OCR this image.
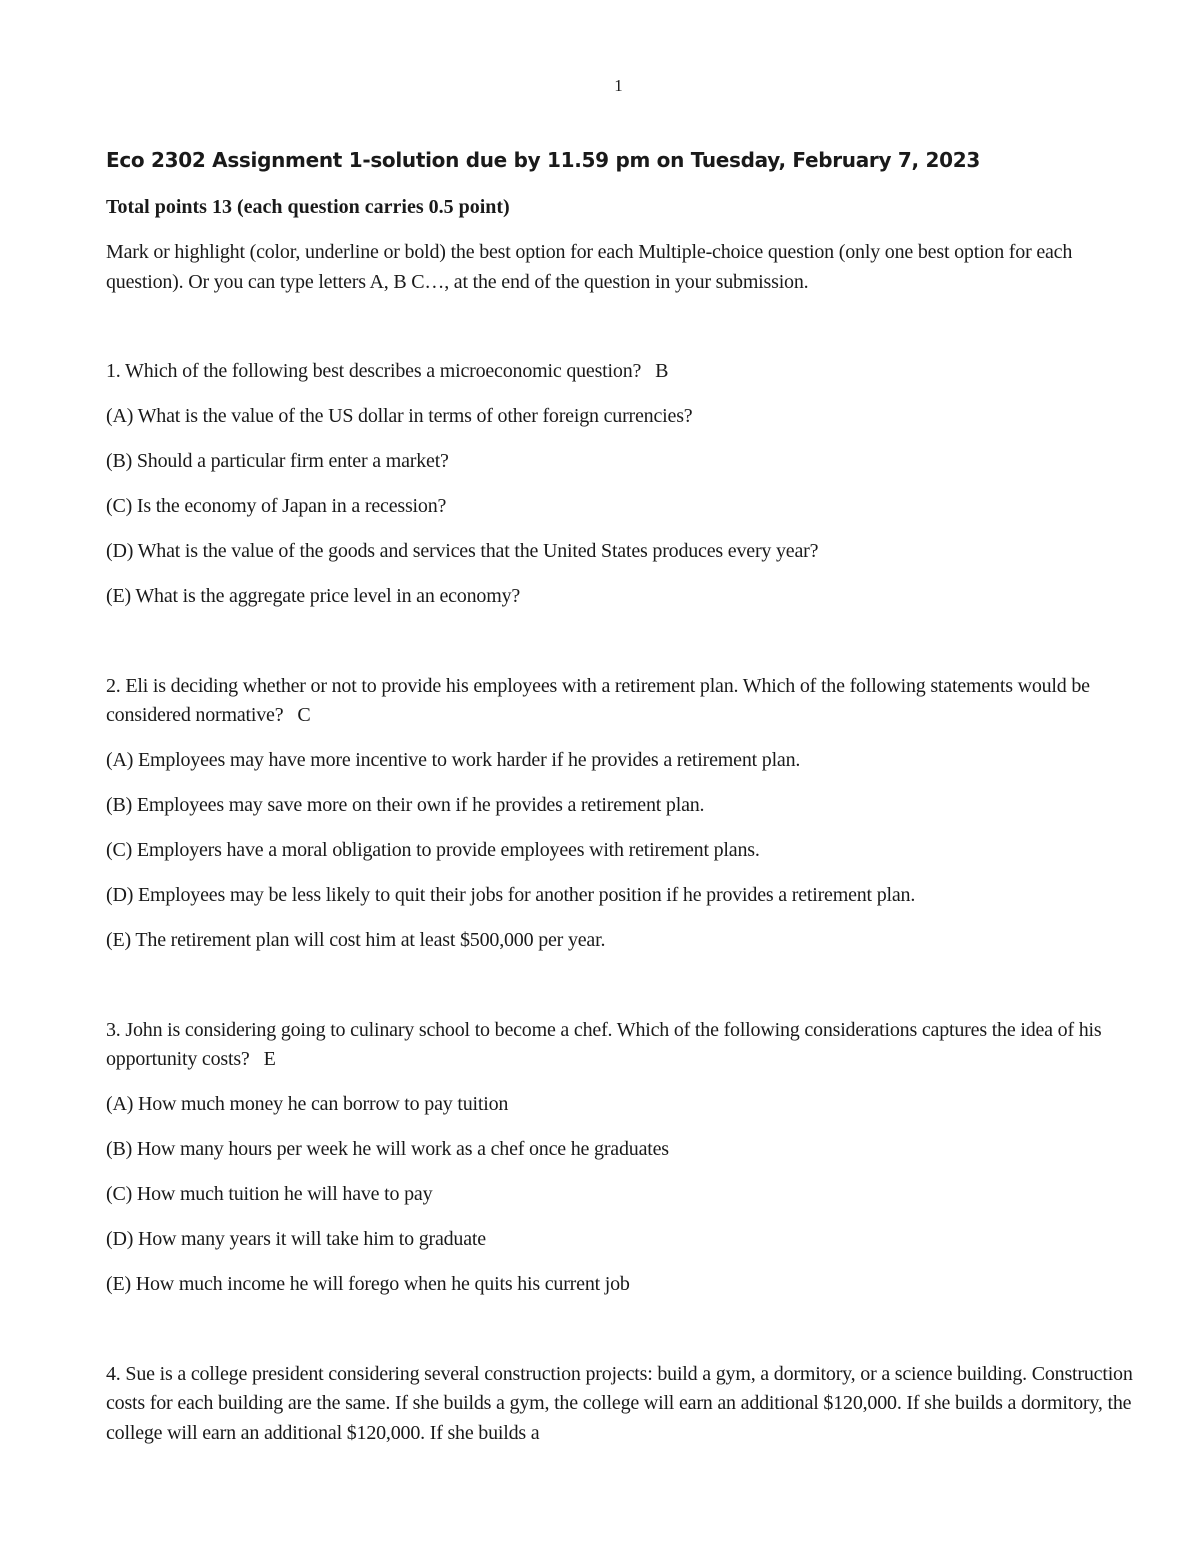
1
Eco 2302 Assignment 1-solution due by 11.59 pm on Tuesday, February 7, 2023
Total points 13 (each question carries 0.5 point)

Mark or highlight (color, underline or bold) the best option for each Multiple-choice question (only one best option for each question). Or you can type letters A, B C…, at the end of the question in your submission.

1. Which of the following best describes a microeconomic question? B

(A) What is the value of the US dollar in terms of other foreign currencies?

(B) Should a particular firm enter a market?

(C) Is the economy of Japan in a recession?

(D) What is the value of the goods and services that the United States produces every year?

(E) What is the aggregate price level in an economy?

2. Eli is deciding whether or not to provide his employees with a retirement plan. Which of the following statements would be considered normative? C

(A) Employees may have more incentive to work harder if he provides a retirement plan.

(B) Employees may save more on their own if he provides a retirement plan.

(C) Employers have a moral obligation to provide employees with retirement plans.

(D) Employees may be less likely to quit their jobs for another position if he provides a retirement plan.

(E) The retirement plan will cost him at least $500,000 per year.

3. John is considering going to culinary school to become a chef. Which of the following considerations captures the idea of his opportunity costs? E

(A) How much money he can borrow to pay tuition

(B) How many hours per week he will work as a chef once he graduates

(C) How much tuition he will have to pay

(D) How many years it will take him to graduate

(E) How much income he will forego when he quits his current job

4. Sue is a college president considering several construction projects: build a gym, a dormitory, or a science building. Construction costs for each building are the same. If she builds a gym, the college will earn an additional $120,000. If she builds a dormitory, the college will earn an additional $120,000. If she builds a
